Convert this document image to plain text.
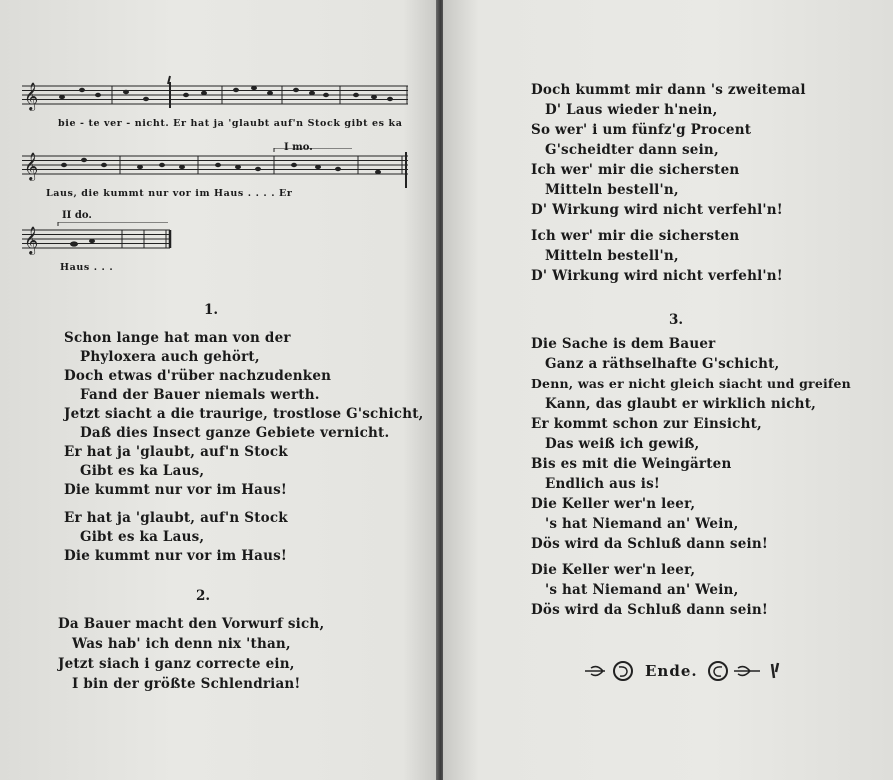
𝄞
bie - te ver - nicht. Er hat ja 'glaubt auf'n Stock gibt es ka
𝄞
I mo.
Laus, die kummt nur vor im Haus . . . . Er
II do.
𝄞
Haus . . .
1.
Schon lange hat man von der
Phyloxera auch gehört,
Doch etwas d'rüber nachzudenken
Fand der Bauer niemals werth.
Jetzt siacht a die traurige, trostlose G'schicht,
Daß dies Insect ganze Gebiete vernicht.
Er hat ja 'glaubt, auf'n Stock
Gibt es ka Laus,
Die kummt nur vor im Haus!
Er hat ja 'glaubt, auf'n Stock
Gibt es ka Laus,
Die kummt nur vor im Haus!
2.
Da Bauer macht den Vorwurf sich,
Was hab' ich denn nix 'than,
Jetzt siach i ganz correcte ein,
I bin der größte Schlendrian!
Doch kummt mir dann 's zweitemal
D' Laus wieder h'nein,
So wer' i um fünfz'g Procent
G'scheidter dann sein,
Ich wer' mir die sichersten
Mitteln bestell'n,
D' Wirkung wird nicht verfehl'n!
Ich wer' mir die sichersten
Mitteln bestell'n,
D' Wirkung wird nicht verfehl'n!
3.
Die Sache is dem Bauer
Ganz a räthselhafte G'schicht,
Denn, was er nicht gleich siacht und greifen
Kann, das glaubt er wirklich nicht,
Er kommt schon zur Einsicht,
Das weiß ich gewiß,
Bis es mit die Weingärten
Endlich aus is!
Die Keller wer'n leer,
's hat Niemand an' Wein,
Dös wird da Schluß dann sein!
Die Keller wer'n leer,
's hat Niemand an' Wein,
Dös wird da Schluß dann sein!
Ende.
